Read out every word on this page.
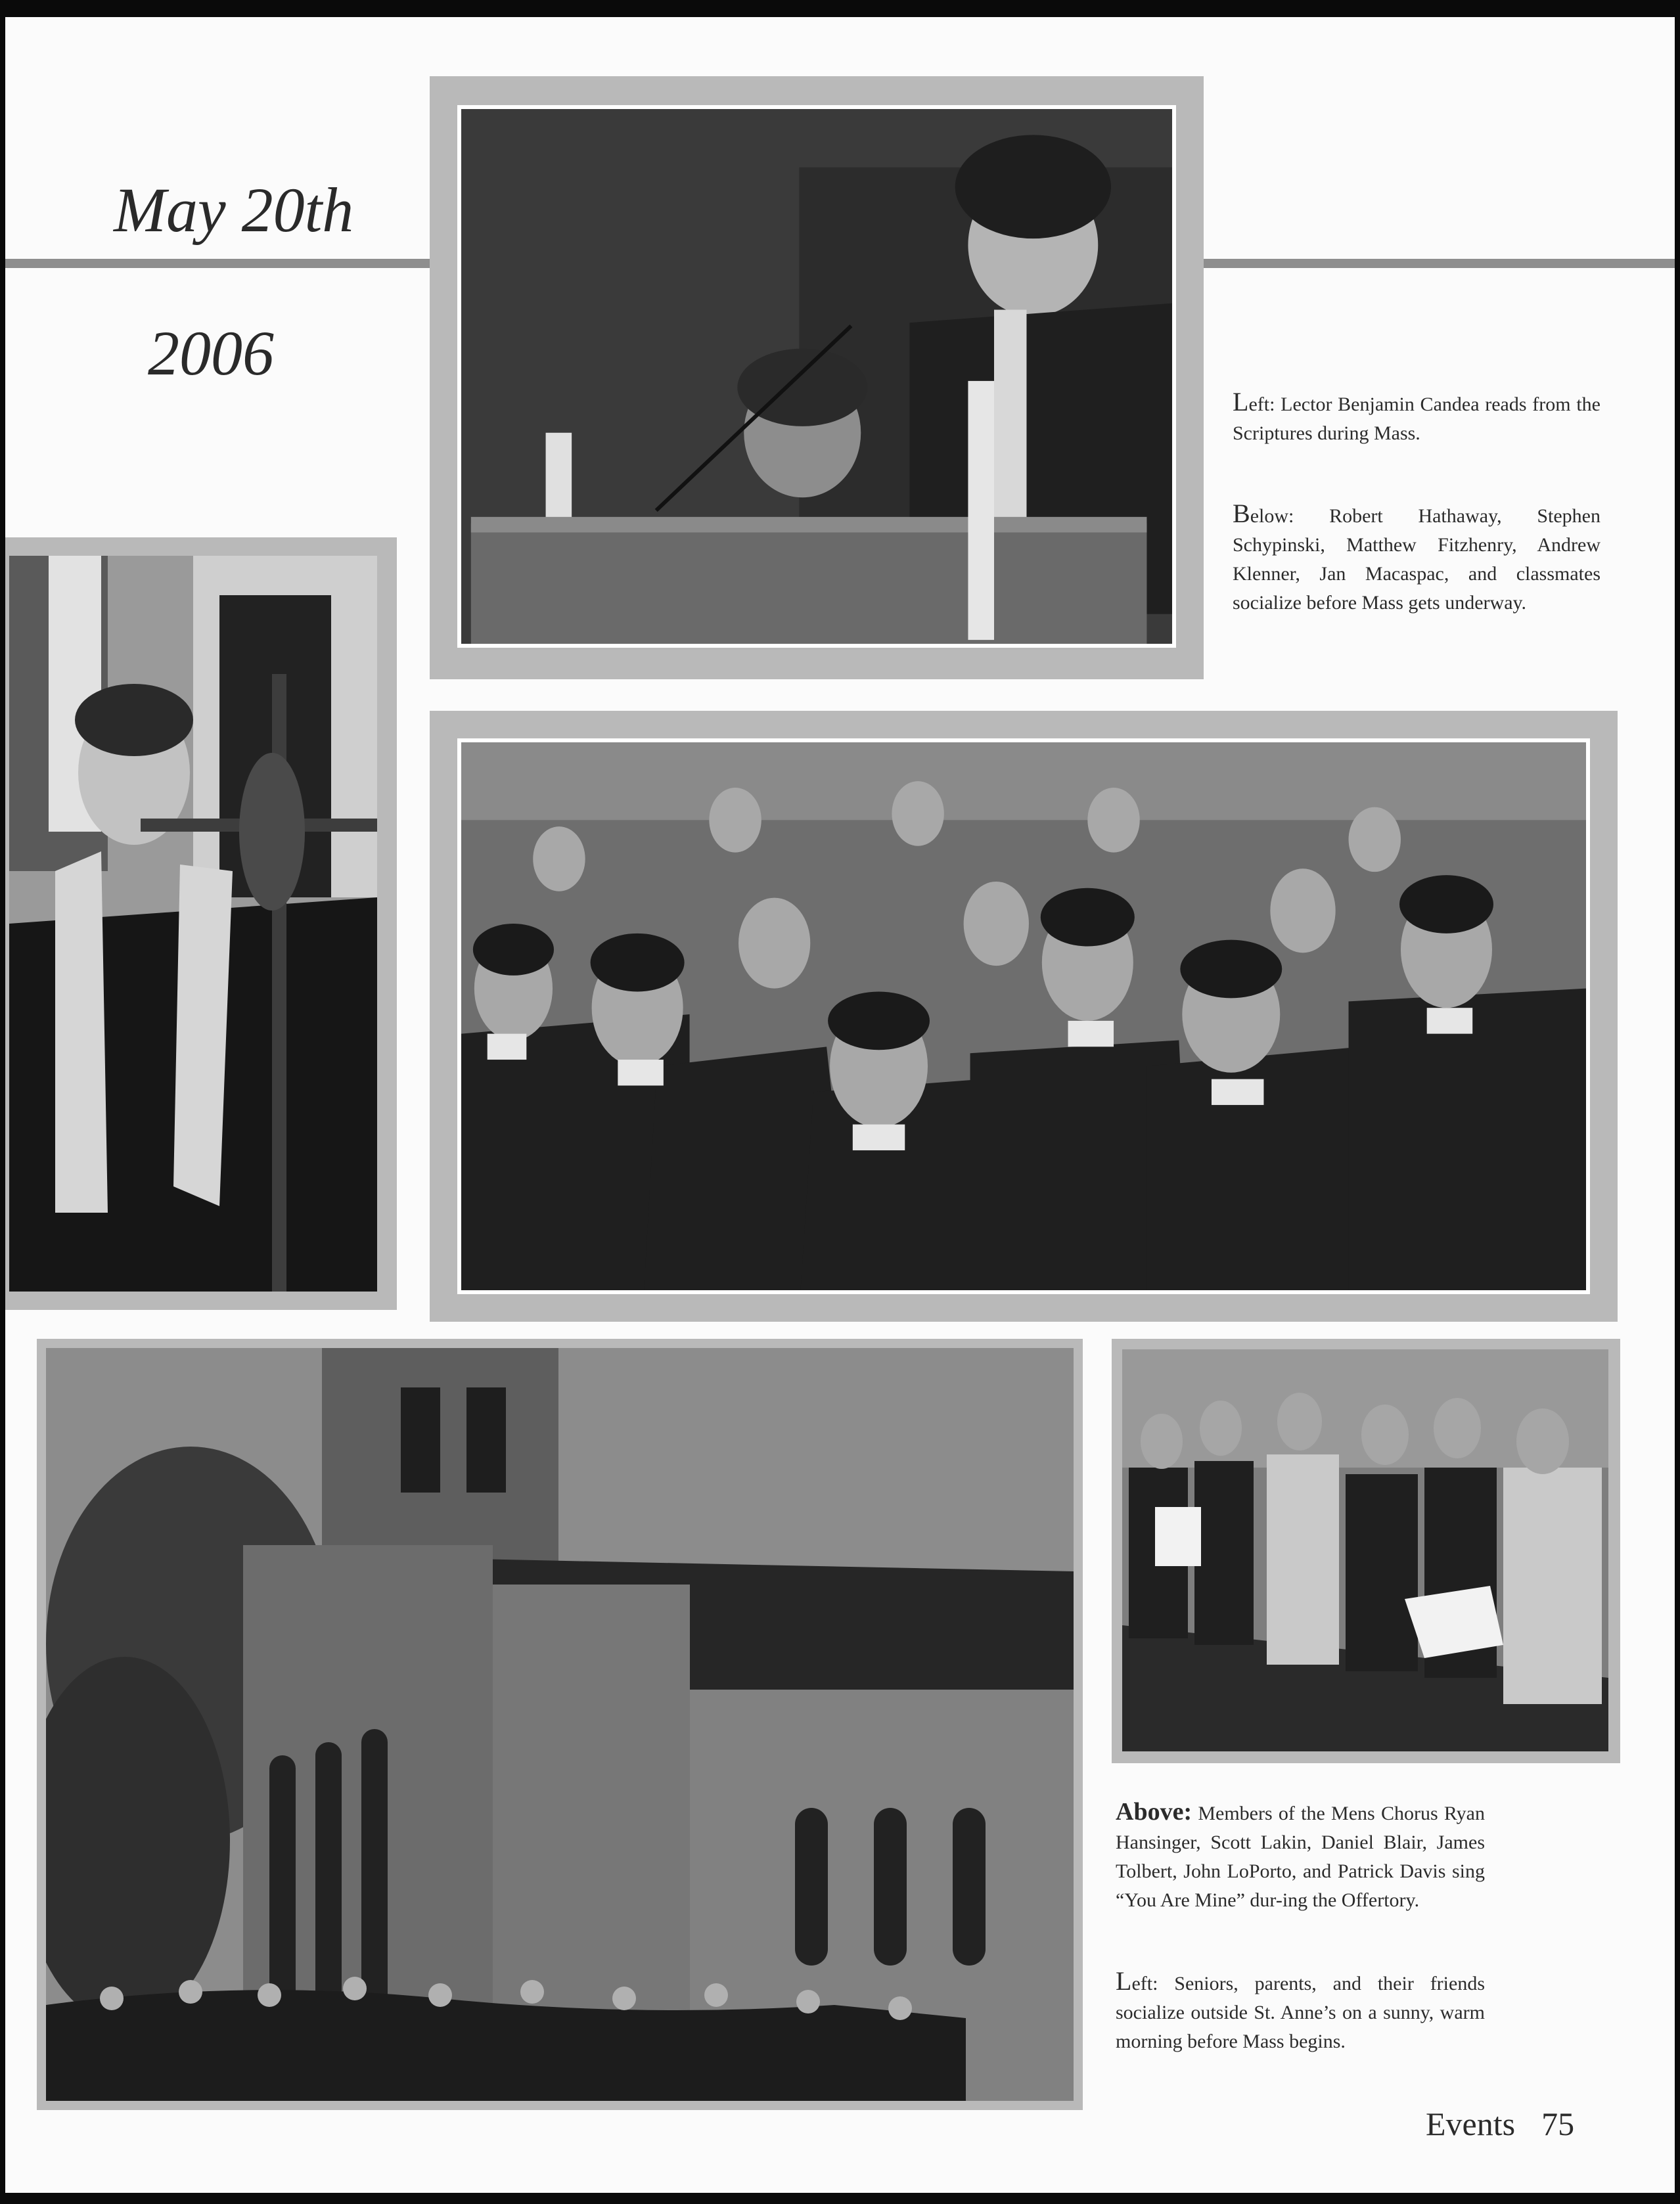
May 20th
2006
Left: Lector Benjamin Candea reads from the Scriptures during Mass.
Below: Robert Hathaway, Stephen Schypinski, Matthew Fitzhenry, Andrew Klenner, Jan Macaspac, and classmates socialize before Mass gets underway.
Above: Members of the Mens Chorus Ryan Hansinger, Scott Lakin, Daniel Blair, James Tolbert, John LoPorto, and Patrick Davis sing “You Are Mine” dur-ing the Offertory.
Left: Seniors, parents, and their friends socialize outside St. Anne’s on a sunny, warm morning before Mass begins.
Events 75
